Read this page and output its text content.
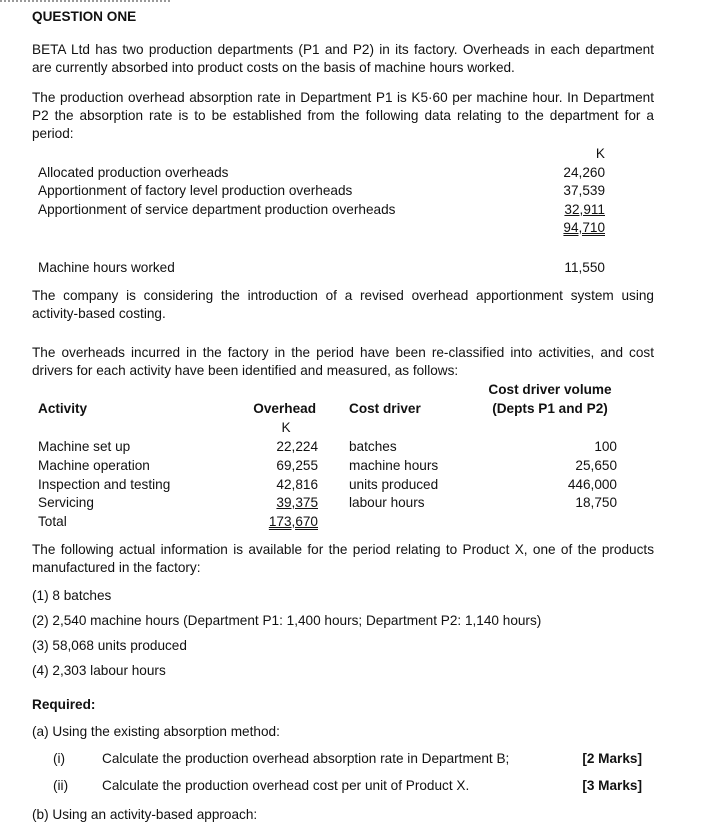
QUESTION ONE
BETA Ltd has two production departments (P1 and P2) in its factory. Overheads in each department are currently absorbed into product costs on the basis of machine hours worked.
The production overhead absorption rate in Department P1 is K5·60 per machine hour. In Department P2 the absorption rate is to be established from the following data relating to the department for a period:
K
Allocated production overheads	24,260
Apportionment of factory level production overheads	37,539
Apportionment of service department production overheads	32,911
94,710
Machine hours worked	11,550
The company is considering the introduction of a revised overhead apportionment system using activity-based costing.
The overheads incurred in the factory in the period have been re-classified into activities, and cost drivers for each activity have been identified and measured, as follows:
Cost driver volume
Activity	Overhead Cost driver	(Depts P1 and P2)
K
Machine set up	22,224 batches	100
Machine operation	69,255 machine hours	25,650
Inspection and testing	42,816 units produced	446,000
Servicing	39,375 labour hours	18,750
Total	173,670
The following actual information is available for the period relating to Product X, one of the products manufactured in the factory:
(1) 8 batches
(2) 2,540 machine hours (Department P1: 1,400 hours; Department P2: 1,140 hours)
(3) 58,068 units produced
(4) 2,303 labour hours
Required:
(a) Using the existing absorption method:
(i)	Calculate the production overhead absorption rate in Department B;	[2 Marks]
(ii) Calculate the production overhead cost per unit of Product X.	[3 Marks]
(b) Using an activity-based approach:
